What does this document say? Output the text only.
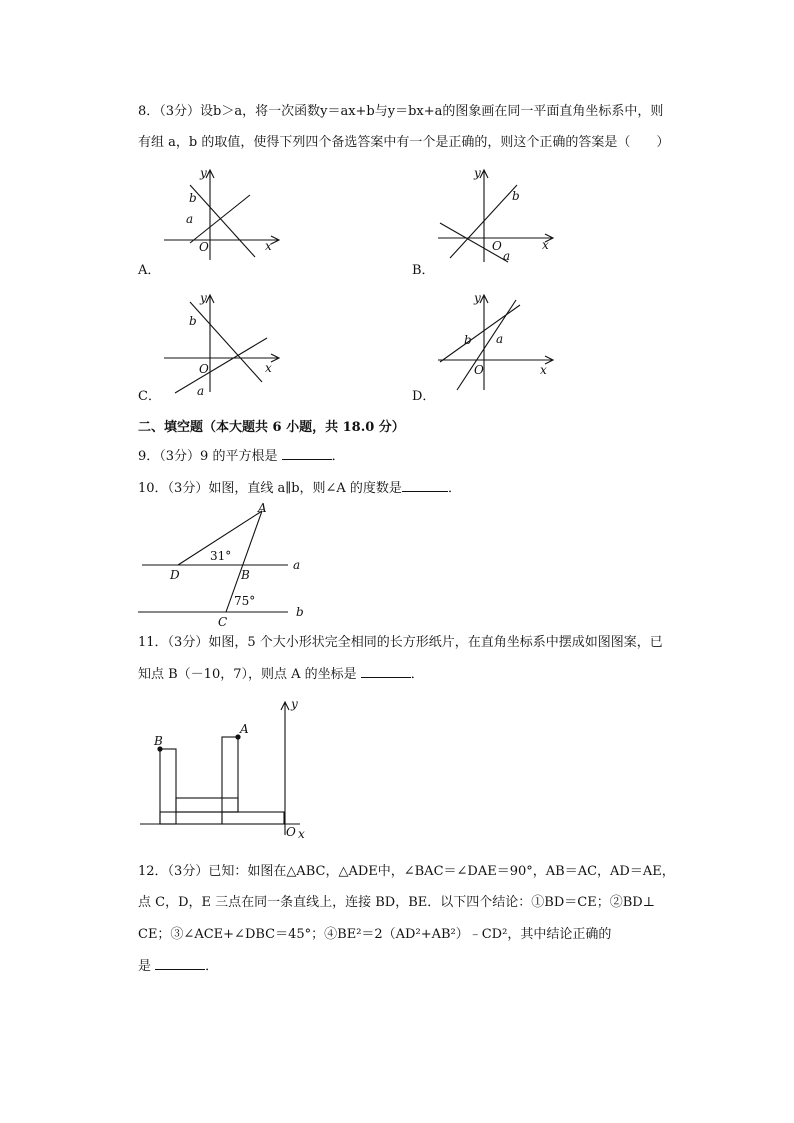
8．（3分）设b＞a，将一次函数y＝ax+b与y＝bx+a的图象画在同一平面直角坐标系中，则
有组 a，b 的取值，使得下列四个备选答案中有一个是正确的，则这个正确的答案是（　　）
y
b
a
O	x
A．
y
b
O
a
x
B．
y
b
O
a
x
C．
y
b a
O	x
D．
二、填空题（本大题共 6 小题，共 18.0 分）
9．（3分）9 的平方根是	．
10．（3分）如图，直线 a∥b，则∠A 的度数是	．
A
31°
D	B
a
75°
b
C
11．（3分）如图，5 个大小形状完全相同的长方形纸片，在直角坐标系中摆成如图图案，已
知点 B（－10，7），则点 A 的坐标是	．
B
A
O x
y
12．（3分）已知：如图在△ABC，△ADE中，∠BAC＝∠DAE＝90°，AB＝AC，AD＝AE，
点 C，D，E 三点在同一条直线上，连接 BD，BE．以下四个结论：①BD＝CE；②BD⊥
CE；③∠ACE+∠DBC＝45°；④BE²＝2（AD²+AB²）﹣CD²，其中结论正确的
是	．
